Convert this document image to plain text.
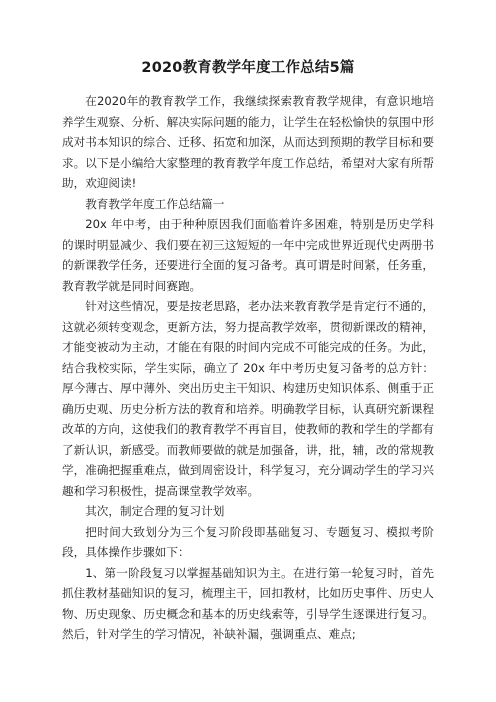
2020教育教学年度工作总结5篇

在2020年的教育教学工作，我继续探索教育教学规律，有意识地培养学生观察、分析、解决实际问题的能力，让学生在轻松愉快的氛围中形成对书本知识的综合、迁移、拓宽和加深，从而达到预期的教学目标和要求。以下是小编给大家整理的教育教学年度工作总结，希望对大家有所帮助，欢迎阅读!

教育教学年度工作总结篇一

20x 年中考，由于种种原因我们面临着许多困难，特别是历史学科的课时明显减少、我们要在初三这短短的一年中完成世界近现代史两册书的新课教学任务，还要进行全面的复习备考。真可谓是时间紧，任务重，教育教学就是同时间赛跑。

针对这些情况，要是按老思路，老办法来教育教学是肯定行不通的，这就必须转变观念，更新方法，努力提高教学效率，贯彻新课改的精神，才能变被动为主动，才能在有限的时间内完成不可能完成的任务。为此，结合我校实际，学生实际，确立了 20x 年中考历史复习备考的总方针：厚今薄古、厚中薄外、突出历史主干知识、构建历史知识体系、侧重于正确历史观、历史分析方法的教育和培养。明确教学目标，认真研究新课程改革的方向，这使我们的教育教学不再盲目，使教师的教和学生的学都有了新认识，新感受。而教师要做的就是加强备，讲，批，辅，改的常规教学，准确把握重难点，做到周密设计，科学复习，充分调动学生的学习兴趣和学习积极性，提高课堂教学效率。

其次，制定合理的复习计划

把时间大致划分为三个复习阶段即基础复习、专题复习、模拟考阶段，具体操作步骤如下：

1、第一阶段复习以掌握基础知识为主。在进行第一轮复习时，首先抓住教材基础知识的复习，梳理主干，回扣教材，比如历史事件、历史人物、历史现象、历史概念和基本的历史线索等，引导学生逐课进行复习。然后，针对学生的学习情况，补缺补漏，强调重点、难点;
